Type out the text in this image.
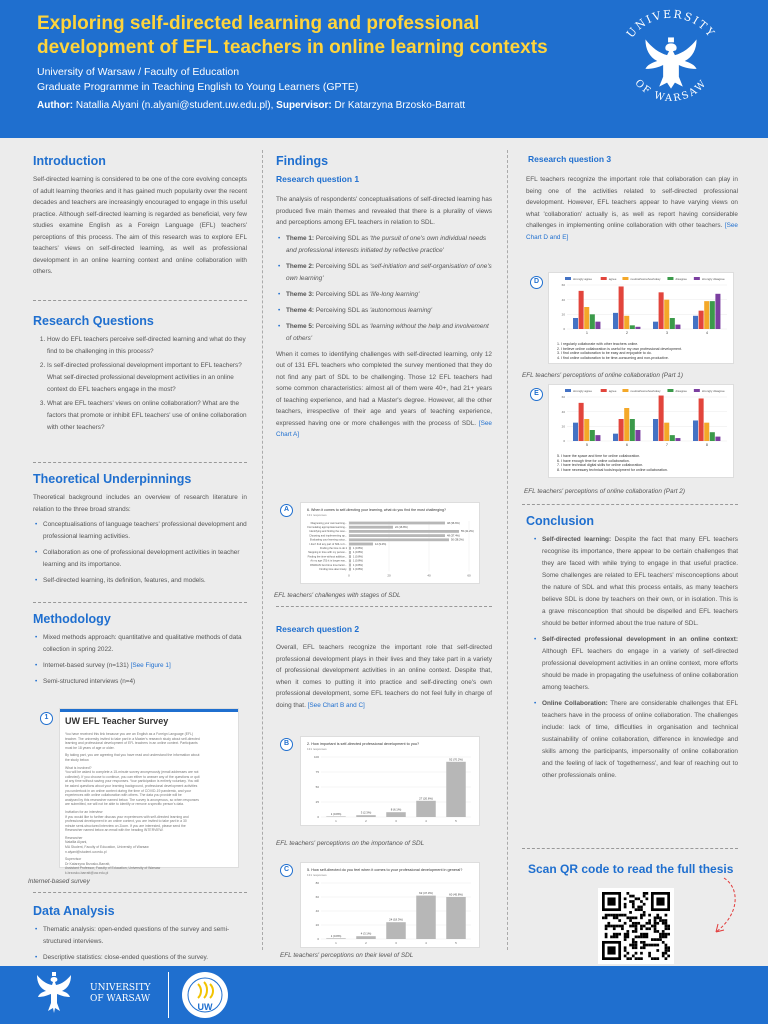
Exploring self-directed learning and professional
development of EFL teachers in online learning contexts
University of Warsaw / Faculty of Education
Graduate Programme in Teaching English to Young Learners (GPTE)
Author: Natallia Alyani (n.alyani@student.uw.edu.pl), Supervisor: Dr Katarzyna Brzosko-Barratt
UNIVERSITY
OF WARSAW
Introduction

Self-directed learning is considered to be one of the core evolving concepts of adult learning theories and it has gained much popularity over the recent decades and teachers are increasingly encouraged to engage in this useful practice. Although self-directed learning is regarded as beneficial, very few studies examine English as a Foreign Language (EFL) teachers' perceptions of this process. The aim of this research was to explore EFL teachers' views on self-directed learning, as well as professional development in an online learning context and online collaboration with others.

Research Questions
1. How do EFL teachers perceive self-directed learning and what do they find to be challenging in this process?
2. Is self-directed professional development important to EFL teachers? What self-directed professional development activities in an online context do EFL teachers engage in the most?
3. What are EFL teachers' views on online collaboration? What are the factors that promote or inhibit EFL teachers' use of online collaboration with other teachers?
Theoretical Underpinnings

Theoretical background includes an overview of research literature in relation to the three broad strands:

• Conceptualisations of language teachers' professional development and professional learning activities.
• Collaboration as one of professional development activities in teacher learning and its importance.
• Self-directed learning, its definition, features, and models.
Methodology
• Mixed methods approach: quantitative and qualitative methods of data collection in spring 2022.
• Internet-based survey (n=131) [See Figure 1]
• Semi-structured interviews (n=4)
1	UW EFL Teacher Survey
You have received this link because you are an English as a Foreign Language (EFL)
teacher. The university invited to take part in a Master's research study about self-directed
learning and professional development of EFL teachers in an online context. Participants
must be 18 years of age or older.
By taking part, you are agreeing that you have read and understand the information about
the study below.
What is involved?
You will be asked to complete a 15-minute survey anonymously (email addresses are not
collected). If you choose to continue, you can either to answer any of the questions or quit
at any time without saving your responses. Your participation is entirely voluntary. You will
be asked questions about your learning background, professional development activities
you undertook in an online context during the time of COVID-19 pandemic, and your
experiences with online collaboration with others. The data you provide will be
analysed by this researcher named below. The survey is anonymous, so when responses
are submitted, we will not be able to identify or remove a specific person's data.
Invitation for an interview
If you would like to further discuss your experiences with self-directed learning and
professional development in an online context, you are invited to take part in a 30
minute semi-structured interview on Zoom. If you are interested, please send the
Researcher named below an email with the heading INTERVIEW.
Researcher
Natallia Alyani,
MA Student, Faculty of Education, University of Warsaw
n.alyani@student.uw.edu.pl
Supervisor
Dr Katarzyna Brzosko-Barratt,
Assistant Professor, Faculty of Education, University of Warsaw
k.brzosko-barratt@uw.edu.pl
Internet-based survey
Data Analysis
• Thematic analysis: open-ended questions of the survey and semi-structured interviews.
• Descriptive statistics: close-ended questions of the survey.
Findings
Research question 1

The analysis of respondents' conceptualisations of self-directed learning has produced five main themes and revealed that there is a plurality of views and perceptions among EFL teachers in relation to SDL.

• Theme 1: Perceiving SDL as 'the pursuit of one's own individual needs and professional interests initiated by reflective practice'
• Theme 2: Perceiving SDL as 'self-initiation and self-organisation of one's own learning'
• Theme 3: Perceiving SDL as 'life-long learning'
• Theme 4: Perceiving SDL as 'autonomous learning'
• Theme 5: Perceiving SDL as 'learning without the help and involvement of others'

When it comes to identifying challenges with self-directed learning, only 12 out of 131 EFL teachers who completed the survey mentioned that they do not find any part of SDL to be challenging. Those 12 EFL teachers had some common characteristics: almost all of them were 40+, had 21+ years of teaching experience, and had a Master's degree. However, all the other teachers, irrespective of their age and years of teaching experience, expressed having one or more challenges with the process of SDL. [See Chart A]

A	6. When it comes to self-directing your learning, what do you find the most challenging?
131 responses
0	20	40	60
Diagnosing your own learning...	48 (36.6%)
Formulating appropriate learning...	22 (16.8%)
Identifying and finding the reso...	55 (41.2%)
Choosing and implementing ap...	48 (37.4%)
Evaluating your learning outco...	50 (38.2%)
I don't find any part of SDL to b...	12 (9.2%)
Finding the time to do it 1 (0.8%)
Stepping in time with my person... 1 (0.8%)
Finding the time without addition... 1 (0.8%)
At my age (70) it is longer eas... 1 (0.8%)
PANDAS! And time time factor... 1 (0.8%)
Finding time also timely. 1 (0.8%)
EFL teachers' challenges with stages of SDL
Research question 2

Overall, EFL teachers recognize the important role that self-directed professional development plays in their lives and they take part in a variety of professional development activities in an online context. Despite that, when it comes to putting it into practice and self-directing one's own professional development, some EFL teachers do not feel fully in charge of doing that. [See Chart B and C]

B	2. How important is self-directed professional development to you?
131 responses
0
25
50
75
100
1 (0.8%)
1
3 (2.3%)
2
8 (6.1%)
3
27 (20.6%)
4
92 (70.2%)
5
EFL teachers' perceptions on the importance of SDL
C	5. How self-directed do you feel when it comes to your professional development in general?
131 responses
0
20
40
60
80
1 (0.8%)
1
4 (3.1%)
2
24 (18.3%)
3
62 (47.3%)
4
60 (45.8%)
5
EFL teachers' perceptions on their level of SDL
Research question 3

EFL teachers recognize the important role that collaboration can play in being one of the activities related to self-directed professional development. However, EFL teachers appear to have varying views on what 'collaboration' actually is, as well as report having considerable challenges in implementing online collaboration with other teachers. [See Chart D and E]

D	strongly agree	agree	neutral/somehow/okay	disagree	strongly disagree
0
20
40
60
1	2	3	4
1. I regularly collaborate with other teachers online.
2. I believe online collaboration is useful for my own professional development.
3. I find online collaboration to be easy and enjoyable to do.
4. I find online collaboration to be time-consuming and non-productive.
EFL teachers' perceptions of online collaboration (Part 1)
E	strongly agree	agree	neutral/somehow/okay	disagree	strongly disagree
0
20
40
60
5	6	7	8
5. I have the space and time for online collaboration.
6. I have enough time for online collaboration.
7. I have technical digital skills for online collaboration.
8. I have necessary technical tools/equipment for online collaboration.
EFL teachers' perceptions of online collaboration (Part 2)
Conclusion
• Self-directed learning: Despite the fact that many EFL teachers recognise its importance, there appear to be certain challenges that they are faced with while trying to engage in that useful practice. Some challenges are related to EFL teachers' misconceptions about the nature of SDL and what this process entails, as many teachers believe SDL is done by teachers on their own, or in isolation. This is a grave misconception that should be dispelled and EFL teachers should be better informed about the true nature of SDL.
• Self-directed professional development in an online context: Although EFL teachers do engage in a variety of self-directed professional development activities in an online context, more efforts should be made in propagating the usefulness of online collaboration among teachers.
• Online Collaboration: There are considerable challenges that EFL teachers have in the process of online collaboration. The challenges include: lack of time, difficulties in organisation and technical sustainability of online collaboration, difference in knowledge and skills among the participants, impersonality of online collaboration and the feeling of lack of 'togetherness', and fear of reaching out to other professionals online.
Scan QR code to read the full thesis
UNIVERSITY
OF WARSAW
UW
